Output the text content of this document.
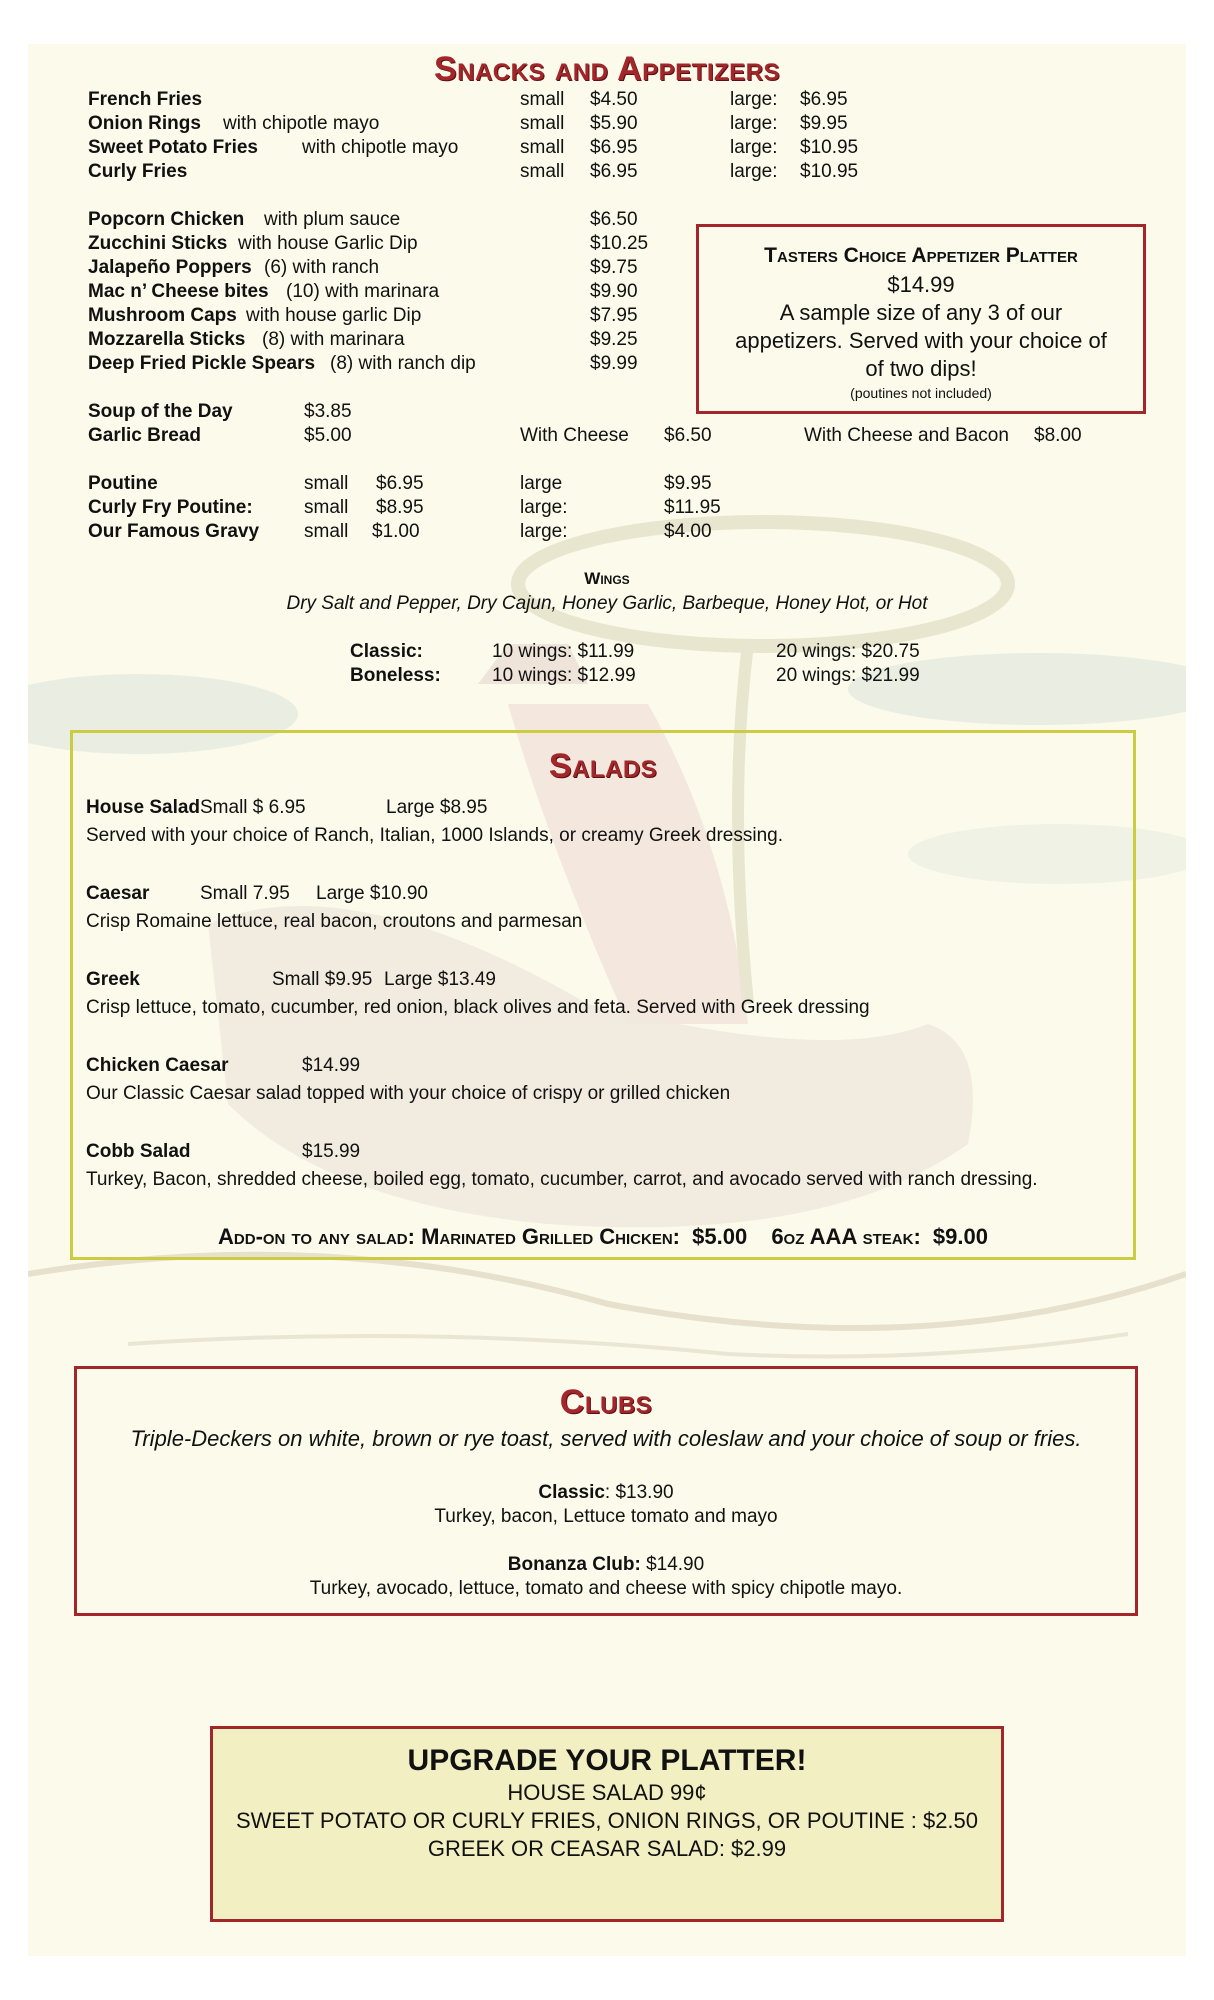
Snacks and Appetizers
French Fries	small $4.50	large: $6.95
Onion Rings with chipotle mayo	small $5.90	large: $9.95
Sweet Potato Fries with chipotle mayo	small $6.95	large: $10.95
Curly Fries	small $6.95	large: $10.95
Popcorn Chicken with plum sauce	$6.50
Zucchini Sticks with house Garlic Dip	$10.25
Jalapeño Poppers (6) with ranch	$9.75
Mac n’ Cheese bites (10) with marinara	$9.90
Mushroom Caps with house garlic Dip	$7.95
Mozzarella Sticks (8) with marinara	$9.25
Deep Fried Pickle Spears (8) with ranch dip	$9.99
Tasters Choice Appetizer Platter
$14.99
A sample size of any 3 of our
appetizers. Served with your choice of
of two dips!
(poutines not included)
Soup of the Day	$3.85
Garlic Bread	$5.00	With Cheese $6.50	With Cheese and Bacon $8.00
Poutine	small $6.95	large	$9.95
Curly Fry Poutine:	small $8.95	large:	$11.95
Our Famous Gravy small $1.00	large:	$4.00
Wings
Dry Salt and Pepper, Dry Cajun, Honey Garlic, Barbeque, Honey Hot, or Hot
Classic:	10 wings: $11.99	20 wings: $20.75
Boneless:	10 wings: $12.99	20 wings: $21.99
Salads
House Salad Small $ 6.95	Large $8.95
Served with your choice of Ranch, Italian, 1000 Islands, or creamy Greek dressing.
Caesar	Small 7.95 Large $10.90
Crisp Romaine lettuce, real bacon, croutons and parmesan
Greek	Small $9.95 Large $13.49
Crisp lettuce, tomato, cucumber, red onion, black olives and feta. Served with Greek dressing
Chicken Caesar	$14.99
Our Classic Caesar salad topped with your choice of crispy or grilled chicken
Cobb Salad	$15.99
Turkey, Bacon, shredded cheese, boiled egg, tomato, cucumber, carrot, and avocado served with ranch dressing.
Add-on to any salad: Marinated Grilled Chicken: $5.00 6oz AAA steak: $9.00
Clubs
Triple-Deckers on white, brown or rye toast, served with coleslaw and your choice of soup or fries.
Classic: $13.90
Turkey, bacon, Lettuce tomato and mayo
Bonanza Club: $14.90
Turkey, avocado, lettuce, tomato and cheese with spicy chipotle mayo.
UPGRADE YOUR PLATTER!
HOUSE SALAD 99¢
SWEET POTATO OR CURLY FRIES, ONION RINGS, OR POUTINE : $2.50
GREEK OR CEASAR SALAD: $2.99
